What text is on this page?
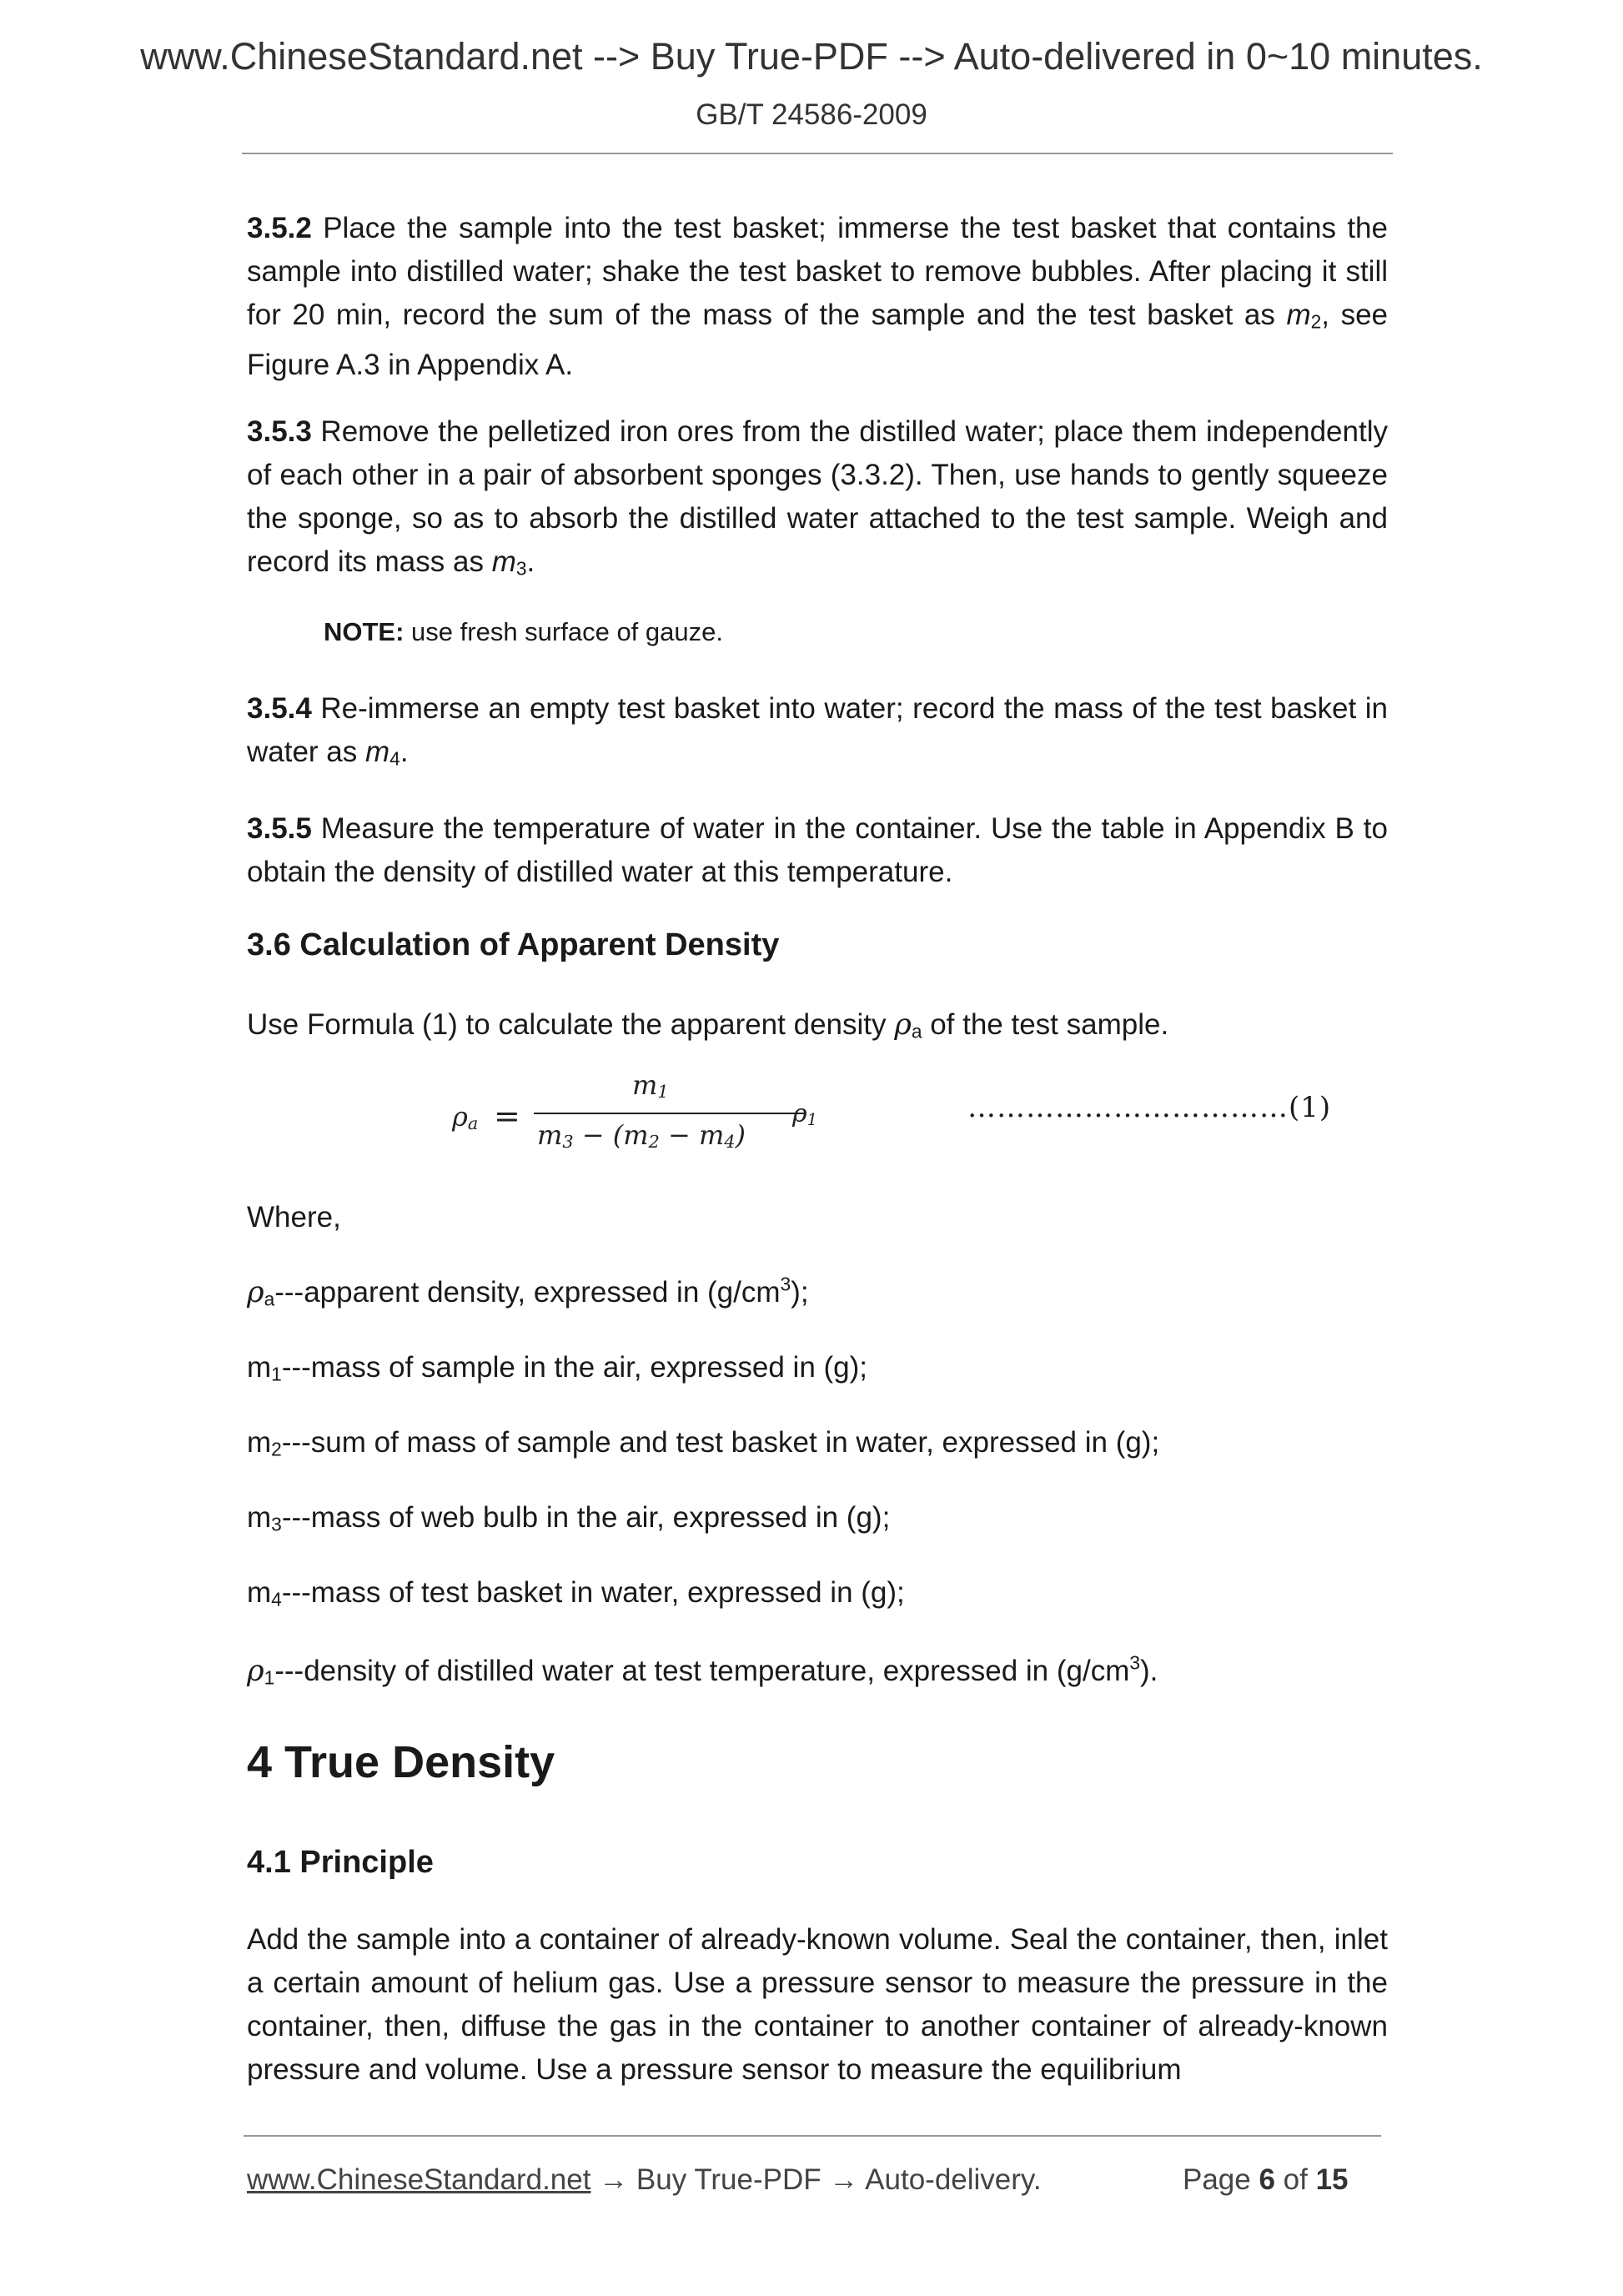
www.ChineseStandard.net --> Buy True-PDF --> Auto-delivered in 0~10 minutes.
GB/T 24586-2009

3.5.2 Place the sample into the test basket; immerse the test basket that contains the sample into distilled water; shake the test basket to remove bubbles. After placing it still for 20 min, record the sum of the mass of the sample and the test basket as $m_2$, see Figure A.3 in Appendix A.

3.5.3 Remove the pelletized iron ores from the distilled water; place them independently of each other in a pair of absorbent sponges (3.3.2). Then, use hands to gently squeeze the sponge, so as to absorb the distilled water attached to the test sample. Weigh and record its mass as $m_3$.

NOTE: use fresh surface of gauze.

3.5.4 Re-immerse an empty test basket into water; record the mass of the test basket in water as $m_4$.

3.5.5 Measure the temperature of water in the container. Use the table in Appendix B to obtain the density of distilled water at this temperature.

3.6 Calculation of Apparent Density

Use Formula (1) to calculate the apparent density $\rho_a$ of the test sample.

$\rho_a$ =
$m_1$
$m_3 - (m_2 - m_4)$
$\rho_1$	……………………………(1)

Where,

$\rho_a--$-apparent density, expressed in $(g/cm^3)$;

$m_1--$-mass of sample in the air, expressed in (g);

$m_2--$-sum of mass of sample and test basket in water, expressed in (g);

$m_3--$-mass of web bulb in the air, expressed in (g);

$m_4--$-mass of test basket in water, expressed in (g);

$\rho_1--$-density of distilled water at test temperature, expressed in $(g/cm^3)$.

4 True Density
4.1 Principle

Add the sample into a container of already-known volume. Seal the container, then, inlet a certain amount of helium gas. Use a pressure sensor to measure the pressure in the container, then, diffuse the gas in the container to another container of already-known pressure and volume. Use a pressure sensor to measure the equilibrium

www.ChineseStandard.net → Buy True-PDF → Auto-delivery.	Page 6 of 15
